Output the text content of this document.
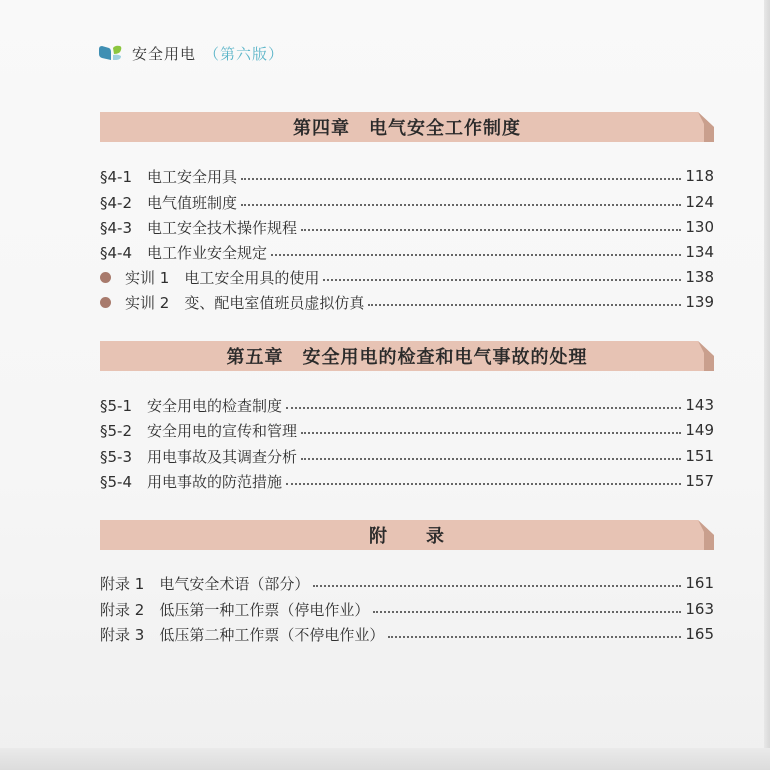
安全用电 （第六版）
第四章　电气安全工作制度
§4-1　 电工安全用具	118
§4-2　 电气值班制度	124
§4-3　 电工安全技术操作规程	130
§4-4　 电工作业安全规定	134
实训 1　 电工安全用具的使用	138
实训 2　 变、配电室值班员虚拟仿真	139
第五章　安全用电的检查和电气事故的处理
§5-1　 安全用电的检查制度	143
§5-2　 安全用电的宣传和管理	149
§5-3　 用电事故及其调查分析	151
§5-4　 用电事故的防范措施	157
附　　录
附录 1　 电气安全术语（部分）	161
附录 2　 低压第一种工作票（停电作业）	163
附录 3　 低压第二种工作票（不停电作业）	165
